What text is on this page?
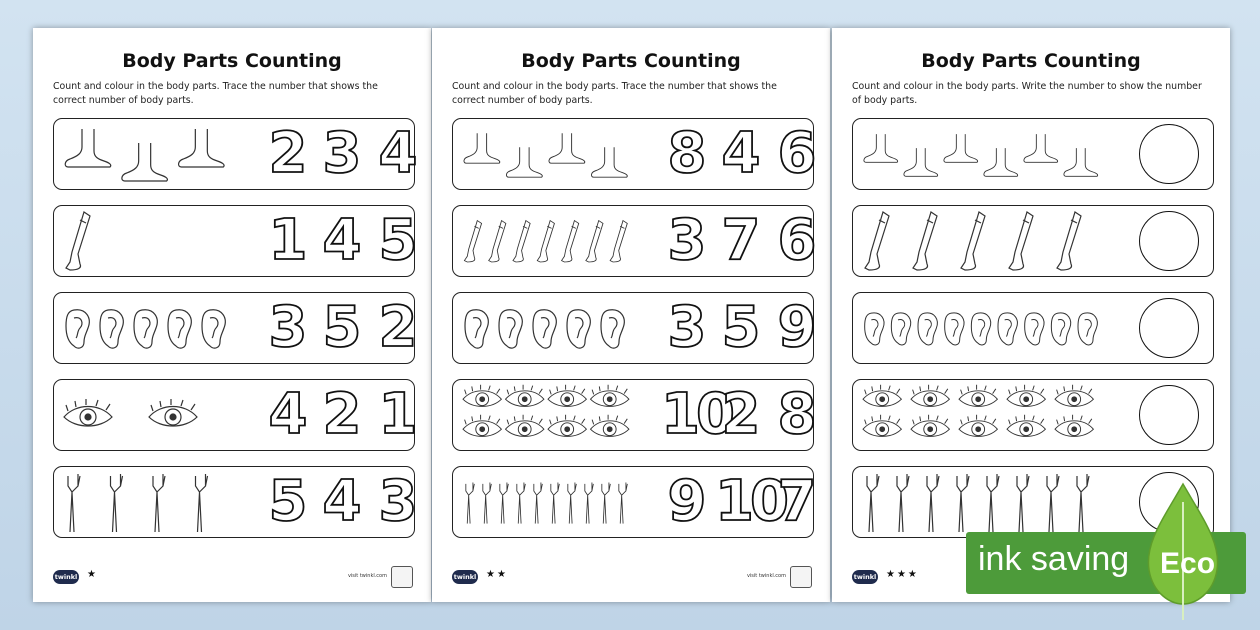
Body Parts Counting
Count and colour in the body parts. Trace the number that shows the correct number of body parts.
2 3 4
1 4 5
3 5 2
4 2 1
5 4 3
twinkl ★	visit twinkl.com
Body Parts Counting
Count and colour in the body parts. Trace the number that shows the correct number of body parts.
8 4 6
3 7 6
3 5 9
10
2 8
9 10
7
twinkl ★★	visit twinkl.com
Body Parts Counting
Count and colour in the body parts. Write the number to show the number of body parts.
twinkl ★★★ ink saving Eco
